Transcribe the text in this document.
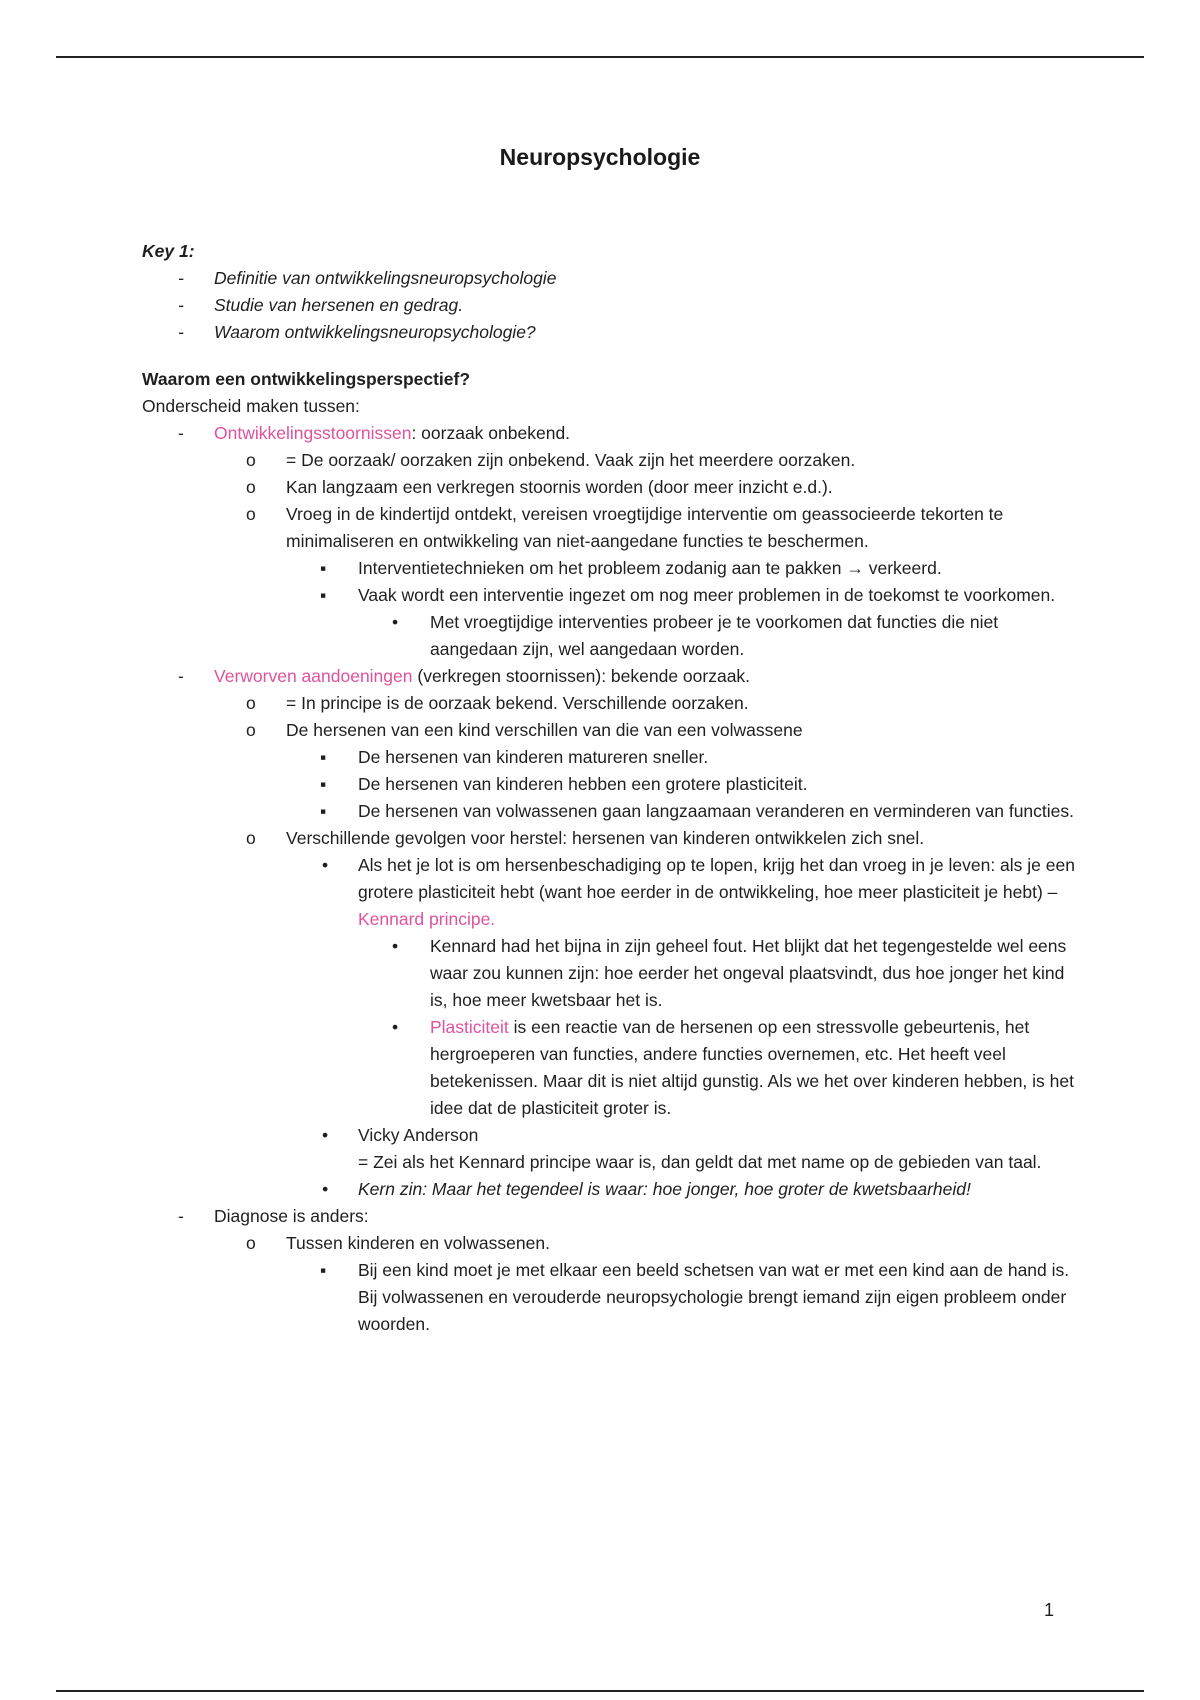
Neuropsychologie
Key 1:
- Definitie van ontwikkelingsneuropsychologie
- Studie van hersenen en gedrag.
- Waarom ontwikkelingsneuropsychologie?
Waarom een ontwikkelingsperspectief?
Onderscheid maken tussen:
- Ontwikkelingsstoornissen: oorzaak onbekend.
o = De oorzaak/ oorzaken zijn onbekend. Vaak zijn het meerdere oorzaken.
o Kan langzaam een verkregen stoornis worden (door meer inzicht e.d.).
o Vroeg in de kindertijd ontdekt, vereisen vroegtijdige interventie om geassocieerde tekorten te minimaliseren en ontwikkeling van niet-aangedane functies te beschermen.
▪ Interventietechnieken om het probleem zodanig aan te pakken → verkeerd.
▪ Vaak wordt een interventie ingezet om nog meer problemen in de toekomst te voorkomen.
• Met vroegtijdige interventies probeer je te voorkomen dat functies die niet aangedaan zijn, wel aangedaan worden.
- Verworven aandoeningen (verkregen stoornissen): bekende oorzaak.
o = In principe is de oorzaak bekend. Verschillende oorzaken.
o De hersenen van een kind verschillen van die van een volwassene
▪ De hersenen van kinderen matureren sneller.
▪ De hersenen van kinderen hebben een grotere plasticiteit.
▪ De hersenen van volwassenen gaan langzaamaan veranderen en verminderen van functies.
o Verschillende gevolgen voor herstel: hersenen van kinderen ontwikkelen zich snel.
• Als het je lot is om hersenbeschadiging op te lopen, krijg het dan vroeg in je leven: als je een grotere plasticiteit hebt (want hoe eerder in de ontwikkeling, hoe meer plasticiteit je hebt) – Kennard principe.
• Kennard had het bijna in zijn geheel fout. Het blijkt dat het tegengestelde wel eens waar zou kunnen zijn: hoe eerder het ongeval plaatsvindt, dus hoe jonger het kind is, hoe meer kwetsbaar het is.
• Plasticiteit is een reactie van de hersenen op een stressvolle gebeurtenis, het hergroeperen van functies, andere functies overnemen, etc. Het heeft veel betekenissen. Maar dit is niet altijd gunstig. Als we het over kinderen hebben, is het idee dat de plasticiteit groter is.
• Vicky Anderson
= Zei als het Kennard principe waar is, dan geldt dat met name op de gebieden van taal.
• Kern zin: Maar het tegendeel is waar: hoe jonger, hoe groter de kwetsbaarheid!
- Diagnose is anders:
o Tussen kinderen en volwassenen.
▪ Bij een kind moet je met elkaar een beeld schetsen van wat er met een kind aan de hand is. Bij volwassenen en verouderde neuropsychologie brengt iemand zijn eigen probleem onder woorden.
1
